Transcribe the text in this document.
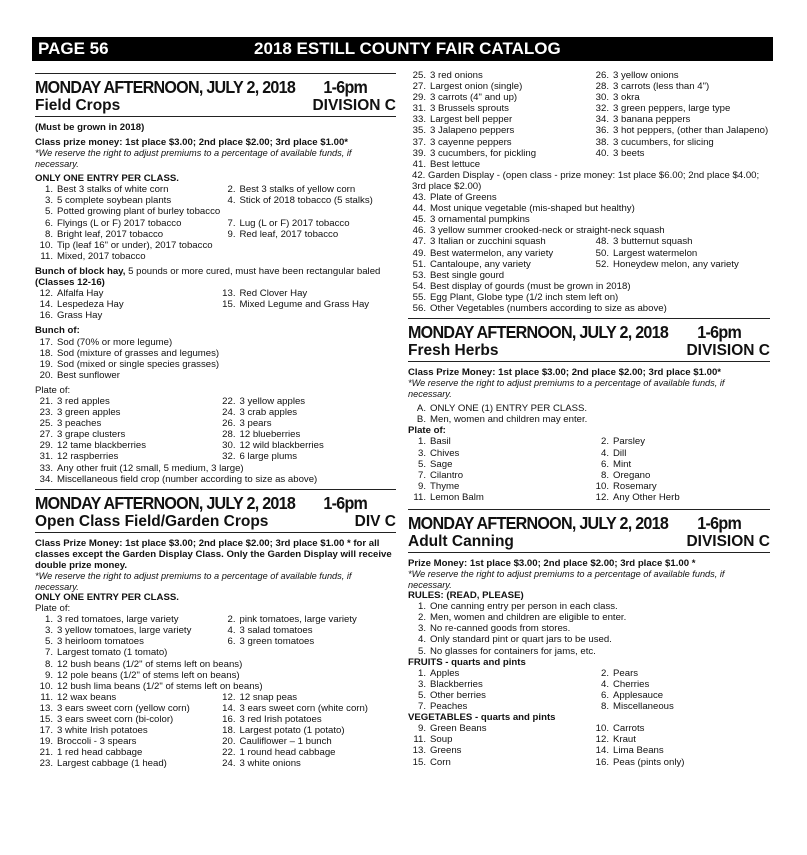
PAGE 56	2018 ESTILL COUNTY FAIR CATALOG
MONDAY AFTERNOON, JULY 2, 2018 1-6pm
Field Crops	DIVISION C

(Must be grown in 2018)

Class prize money: 1st place $3.00; 2nd place $2.00; 3rd place $1.00*

*We reserve the right to adjust premiums to a percentage of available funds, if necessary.

ONLY ONE ENTRY PER CLASS.

1. Best 3 stalks of white corn	2. Best 3 stalks of yellow corn
3. 5 complete soybean plants	4. Stick of 2018 tobacco (5 stalks)
5. Potted growing plant of burley tobacco
6. Flyings (L or F) 2017 tobacco	7. Lug (L or F) 2017 tobacco
8. Bright leaf, 2017 tobacco	9. Red leaf, 2017 tobacco
10. Tip (leaf 16" or under), 2017 tobacco
11. Mixed, 2017 tobacco

Bunch of block hay, 5 pounds or more cured, must have been rectangular baled

(Classes 12-16)

12. Alfalfa Hay	13. Red Clover Hay
14. Lespedeza Hay	15. Mixed Legume and Grass Hay
16. Grass Hay

Bunch of:

17. Sod (70% or more legume)
18. Sod (mixture of grasses and legumes)
19. Sod (mixed or single species grasses)
20. Best sunflower

Plate of:

21. 3 red apples	22. 3 yellow apples
23. 3 green apples	24. 3 crab apples
25. 3 peaches	26. 3 pears
27. 3 grape clusters	28. 12 blueberries
29. 12 tame blackberries	30. 12 wild blackberries
31. 12 raspberries	32. 6 large plums
33. Any other fruit (12 small, 5 medium, 3 large)
34. Miscellaneous field crop (number according to size as above)
MONDAY AFTERNOON, JULY 2, 2018 1-6pm
Open Class Field/Garden Crops	DIV C

Class Prize Money: 1st place $3.00; 2nd place $2.00; 3rd place $1.00 * for all classes except the Garden Display Class. Only the Garden Display will receive double prize money.

*We reserve the right to adjust premiums to a percentage of available funds, if necessary.

ONLY ONE ENTRY PER CLASS.

Plate of:

1. 3 red tomatoes, large variety	2. pink tomatoes, large variety
3. 3 yellow tomatoes, large variety	4. 3 salad tomatoes
5. 3 heirloom tomatoes	6. 3 green tomatoes
7. Largest tomato (1 tomato)
8. 12 bush beans (1/2" of stems left on beans)
9. 12 pole beans (1/2" of stems left on beans)
10. 12 bush lima beans (1/2" of stems left on beans)
11. 12 wax beans	12. 12 snap peas
13. 3 ears sweet corn (yellow corn)	14. 3 ears sweet corn (white corn)
15. 3 ears sweet corn (bi-color)	16. 3 red Irish potatoes
17. 3 white Irish potatoes	18. Largest potato (1 potato)
19. Broccoli - 3 spears	20. Cauliflower – 1 bunch
21. 1 red head cabbage	22. 1 round head cabbage
23. Largest cabbage (1 head)	24. 3 white onions
25. 3 red onions	26. 3 yellow onions
27. Largest onion (single)	28. 3 carrots (less than 4")
29. 3 carrots (4" and up)	30. 3 okra
31. 3 Brussels sprouts	32. 3 green peppers, large type
33. Largest bell pepper	34. 3 banana peppers
35. 3 Jalapeno peppers	36. 3 hot peppers, (other than Jalapeno)
37. 3 cayenne peppers	38. 3 cucumbers, for slicing
39. 3 cucumbers, for pickling	40. 3 beets
41. Best lettuce
42. Garden Display - (open class - prize money: 1st place $6.00; 2nd place $4.00; 3rd place $2.00)
43. Plate of Greens
44. Most unique vegetable (mis-shaped but healthy)
45. 3 ornamental pumpkins
46. 3 yellow summer crooked-neck or straight-neck squash
47. 3 Italian or zucchini squash	48. 3 butternut squash
49. Best watermelon, any variety	50. Largest watermelon
51. Cantaloupe, any variety	52. Honeydew melon, any variety
53. Best single gourd
54. Best display of gourds (must be grown in 2018)
55. Egg Plant, Globe type (1/2 inch stem left on)
56. Other Vegetables (numbers according to size as above)
MONDAY AFTERNOON, JULY 2, 2018 1-6pm
Fresh Herbs	DIVISION C

Class Prize Money: 1st place $3.00; 2nd place $2.00; 3rd place $1.00*

*We reserve the right to adjust premiums to a percentage of available funds, if necessary.

A. ONLY ONE (1) ENTRY PER CLASS.
B. Men, women and children may enter.

Plate of:

1. Basil	2. Parsley
3. Chives	4. Dill
5. Sage	6. Mint
7. Cilantro	8. Oregano
9. Thyme	10. Rosemary
11. Lemon Balm	12. Any Other Herb
MONDAY AFTERNOON, JULY 2, 2018 1-6pm
Adult Canning	DIVISION C

Prize Money: 1st place $3.00; 2nd place $2.00; 3rd place $1.00 *

*We reserve the right to adjust premiums to a percentage of available funds, if necessary.

RULES: (READ, PLEASE)

1. One canning entry per person in each class.
2. Men, women and children are eligible to enter.
3. No re-canned goods from stores.
4. Only standard pint or quart jars to be used.
5. No glasses for containers for jams, etc.

FRUITS - quarts and pints

1. Apples	2. Pears
3. Blackberries	4. Cherries
5. Other berries	6. Applesauce
7. Peaches	8. Miscellaneous

VEGETABLES - quarts and pints

9. Green Beans	10. Carrots
11. Soup	12. Kraut
13. Greens	14. Lima Beans
15. Corn	16. Peas (pints only)
